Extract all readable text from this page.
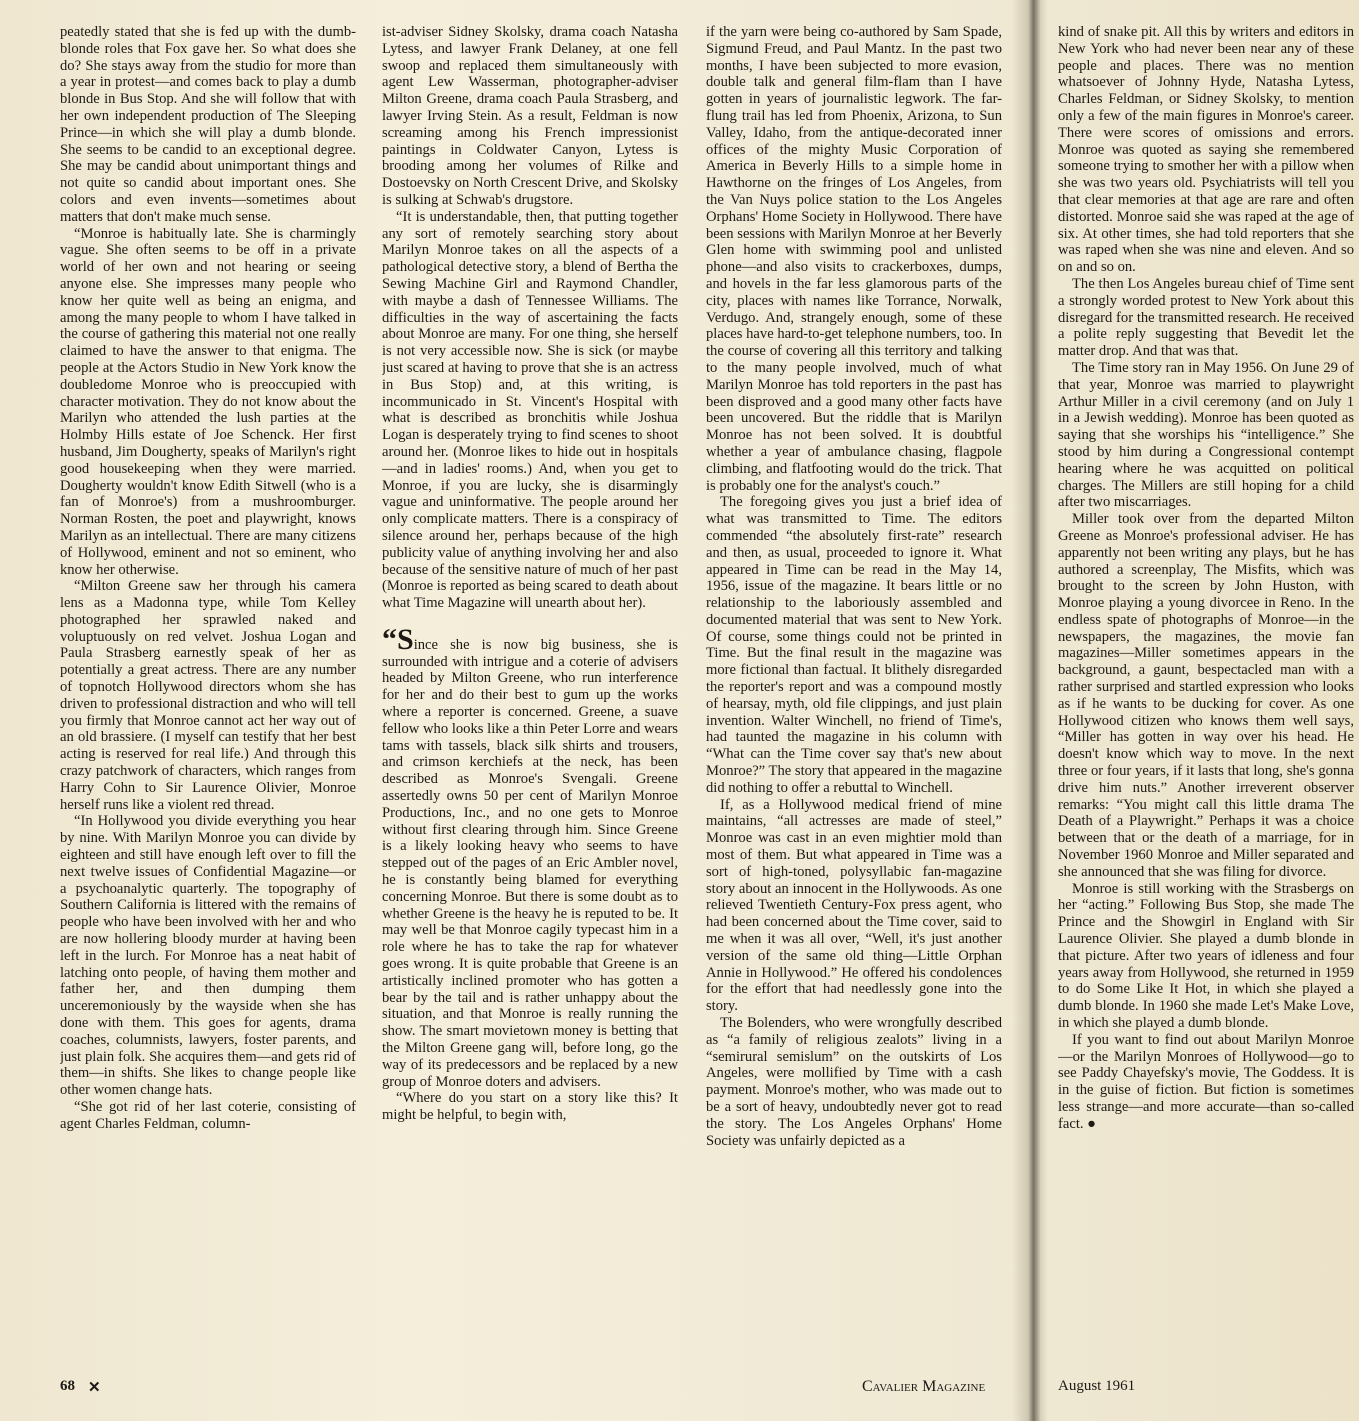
peatedly stated that she is fed up with the dumb-blonde roles that Fox gave her. So what does she do? She stays away from the studio for more than a year in protest—and comes back to play a dumb blonde in Bus Stop. And she will follow that with her own independent production of The Sleeping Prince—in which she will play a dumb blonde. She seems to be candid to an exceptional degree. She may be candid about unimportant things and not quite so candid about important ones. She colors and even invents—sometimes about matters that don't make much sense.

“Monroe is habitually late. She is charmingly vague. She often seems to be off in a private world of her own and not hearing or seeing anyone else. She impresses many people who know her quite well as being an enigma, and among the many people to whom I have talked in the course of gathering this material not one really claimed to have the answer to that enigma. The people at the Actors Studio in New York know the doubledome Monroe who is preoccupied with character motivation. They do not know about the Marilyn who attended the lush parties at the Holmby Hills estate of Joe Schenck. Her first husband, Jim Dougherty, speaks of Marilyn's right good housekeeping when they were married. Dougherty wouldn't know Edith Sitwell (who is a fan of Monroe's) from a mushroomburger. Norman Rosten, the poet and playwright, knows Marilyn as an intellectual. There are many citizens of Hollywood, eminent and not so eminent, who know her otherwise.

“Milton Greene saw her through his camera lens as a Madonna type, while Tom Kelley photographed her sprawled naked and voluptuously on red velvet. Joshua Logan and Paula Strasberg earnestly speak of her as potentially a great actress. There are any number of topnotch Hollywood directors whom she has driven to professional distraction and who will tell you firmly that Monroe cannot act her way out of an old brassiere. (I myself can testify that her best acting is reserved for real life.) And through this crazy patchwork of characters, which ranges from Harry Cohn to Sir Laurence Olivier, Monroe herself runs like a violent red thread.

“In Hollywood you divide everything you hear by nine. With Marilyn Monroe you can divide by eighteen and still have enough left over to fill the next twelve issues of Confidential Magazine—or a psychoanalytic quarterly. The topography of Southern California is littered with the remains of people who have been involved with her and who are now hollering bloody murder at having been left in the lurch. For Monroe has a neat habit of latching onto people, of having them mother and father her, and then dumping them unceremoniously by the wayside when she has done with them. This goes for agents, drama coaches, columnists, lawyers, foster parents, and just plain folk. She acquires them—and gets rid of them—in shifts. She likes to change people like other women change hats.

“She got rid of her last coterie, consisting of agent Charles Feldman, column-

ist-adviser Sidney Skolsky, drama coach Natasha Lytess, and lawyer Frank Delaney, at one fell swoop and replaced them simultaneously with agent Lew Wasserman, photographer-adviser Milton Greene, drama coach Paula Strasberg, and lawyer Irving Stein. As a result, Feldman is now screaming among his French impressionist paintings in Coldwater Canyon, Lytess is brooding among her volumes of Rilke and Dostoevsky on North Crescent Drive, and Skolsky is sulking at Schwab's drugstore.

“It is understandable, then, that putting together any sort of remotely searching story about Marilyn Monroe takes on all the aspects of a pathological detective story, a blend of Bertha the Sewing Machine Girl and Raymond Chandler, with maybe a dash of Tennessee Williams. The difficulties in the way of ascertaining the facts about Monroe are many. For one thing, she herself is not very accessible now. She is sick (or maybe just scared at having to prove that she is an actress in Bus Stop) and, at this writing, is incommunicado in St. Vincent's Hospital with what is described as bronchitis while Joshua Logan is desperately trying to find scenes to shoot around her. (Monroe likes to hide out in hospitals—and in ladies' rooms.) And, when you get to Monroe, if you are lucky, she is disarmingly vague and uninformative. The people around her only complicate matters. There is a conspiracy of silence around her, perhaps because of the high publicity value of anything involving her and also because of the sensitive nature of much of her past (Monroe is reported as being scared to death about what Time Magazine will unearth about her).

“Since she is now big business, she is surrounded with intrigue and a coterie of advisers headed by Milton Greene, who run interference for her and do their best to gum up the works where a reporter is concerned. Greene, a suave fellow who looks like a thin Peter Lorre and wears tams with tassels, black silk shirts and trousers, and crimson kerchiefs at the neck, has been described as Monroe's Svengali. Greene assertedly owns 50 per cent of Marilyn Monroe Productions, Inc., and no one gets to Monroe without first clearing through him. Since Greene is a likely looking heavy who seems to have stepped out of the pages of an Eric Ambler novel, he is constantly being blamed for everything concerning Monroe. But there is some doubt as to whether Greene is the heavy he is reputed to be. It may well be that Monroe cagily typecast him in a role where he has to take the rap for whatever goes wrong. It is quite probable that Greene is an artistically inclined promoter who has gotten a bear by the tail and is rather unhappy about the situation, and that Monroe is really running the show. The smart movietown money is betting that the Milton Greene gang will, before long, go the way of its predecessors and be replaced by a new group of Monroe doters and advisers.

“Where do you start on a story like this? It might be helpful, to begin with,

if the yarn were being co-authored by Sam Spade, Sigmund Freud, and Paul Mantz. In the past two months, I have been subjected to more evasion, double talk and general film-flam than I have gotten in years of journalistic legwork. The far-flung trail has led from Phoenix, Arizona, to Sun Valley, Idaho, from the antique-decorated inner offices of the mighty Music Corporation of America in Beverly Hills to a simple home in Hawthorne on the fringes of Los Angeles, from the Van Nuys police station to the Los Angeles Orphans' Home Society in Hollywood. There have been sessions with Marilyn Monroe at her Beverly Glen home with swimming pool and unlisted phone—and also visits to crackerboxes, dumps, and hovels in the far less glamorous parts of the city, places with names like Torrance, Norwalk, Verdugo. And, strangely enough, some of these places have hard-to-get telephone numbers, too. In the course of covering all this territory and talking to the many people involved, much of what Marilyn Monroe has told reporters in the past has been disproved and a good many other facts have been uncovered. But the riddle that is Marilyn Monroe has not been solved. It is doubtful whether a year of ambulance chasing, flagpole climbing, and flatfooting would do the trick. That is probably one for the analyst's couch.”

The foregoing gives you just a brief idea of what was transmitted to Time. The editors commended “the absolutely first-rate” research and then, as usual, proceeded to ignore it. What appeared in Time can be read in the May 14, 1956, issue of the magazine. It bears little or no relationship to the laboriously assembled and documented material that was sent to New York. Of course, some things could not be printed in Time. But the final result in the magazine was more fictional than factual. It blithely disregarded the reporter's report and was a compound mostly of hearsay, myth, old file clippings, and just plain invention. Walter Winchell, no friend of Time's, had taunted the magazine in his column with “What can the Time cover say that's new about Monroe?” The story that appeared in the magazine did nothing to offer a rebuttal to Winchell.

If, as a Hollywood medical friend of mine maintains, “all actresses are made of steel,” Monroe was cast in an even mightier mold than most of them. But what appeared in Time was a sort of high-toned, polysyllabic fan-magazine story about an innocent in the Hollywoods. As one relieved Twentieth Century-Fox press agent, who had been concerned about the Time cover, said to me when it was all over, “Well, it's just another version of the same old thing—Little Orphan Annie in Hollywood.” He offered his condolences for the effort that had needlessly gone into the story.

The Bolenders, who were wrongfully described as “a family of religious zealots” living in a “semirural semislum” on the outskirts of Los Angeles, were mollified by Time with a cash payment. Monroe's mother, who was made out to be a sort of heavy, undoubtedly never got to read the story. The Los Angeles Orphans' Home Society was unfairly depicted as a

kind of snake pit. All this by writers and editors in New York who had never been near any of these people and places. There was no mention whatsoever of Johnny Hyde, Natasha Lytess, Charles Feldman, or Sidney Skolsky, to mention only a few of the main figures in Monroe's career. There were scores of omissions and errors. Monroe was quoted as saying she remembered someone trying to smother her with a pillow when she was two years old. Psychiatrists will tell you that clear memories at that age are rare and often distorted. Monroe said she was raped at the age of six. At other times, she had told reporters that she was raped when she was nine and eleven. And so on and so on.

The then Los Angeles bureau chief of Time sent a strongly worded protest to New York about this disregard for the transmitted research. He received a polite reply suggesting that Bevedit let the matter drop. And that was that.

The Time story ran in May 1956. On June 29 of that year, Monroe was married to playwright Arthur Miller in a civil ceremony (and on July 1 in a Jewish wedding). Monroe has been quoted as saying that she worships his “intelligence.” She stood by him during a Congressional contempt hearing where he was acquitted on political charges. The Millers are still hoping for a child after two miscarriages.

Miller took over from the departed Milton Greene as Monroe's professional adviser. He has apparently not been writing any plays, but he has authored a screenplay, The Misfits, which was brought to the screen by John Huston, with Monroe playing a young divorcee in Reno. In the endless spate of photographs of Monroe—in the newspapers, the magazines, the movie fan magazines—Miller sometimes appears in the background, a gaunt, bespectacled man with a rather surprised and startled expression who looks as if he wants to be ducking for cover. As one Hollywood citizen who knows them well says, “Miller has gotten in way over his head. He doesn't know which way to move. In the next three or four years, if it lasts that long, she's gonna drive him nuts.” Another irreverent observer remarks: “You might call this little drama The Death of a Playwright.” Perhaps it was a choice between that or the death of a marriage, for in November 1960 Monroe and Miller separated and she announced that she was filing for divorce.

Monroe is still working with the Strasbergs on her “acting.” Following Bus Stop, she made The Prince and the Showgirl in England with Sir Laurence Olivier. She played a dumb blonde in that picture. After two years of idleness and four years away from Hollywood, she returned in 1959 to do Some Like It Hot, in which she played a dumb blonde. In 1960 she made Let's Make Love, in which she played a dumb blonde.

If you want to find out about Marilyn Monroe—or the Marilyn Monroes of Hollywood—go to see Paddy Chayefsky's movie, The Goddess. It is in the guise of fiction. But fiction is sometimes less strange—and more accurate—than so-called fact. ●

68 ✕	Cavalier Magazine	August 1961
